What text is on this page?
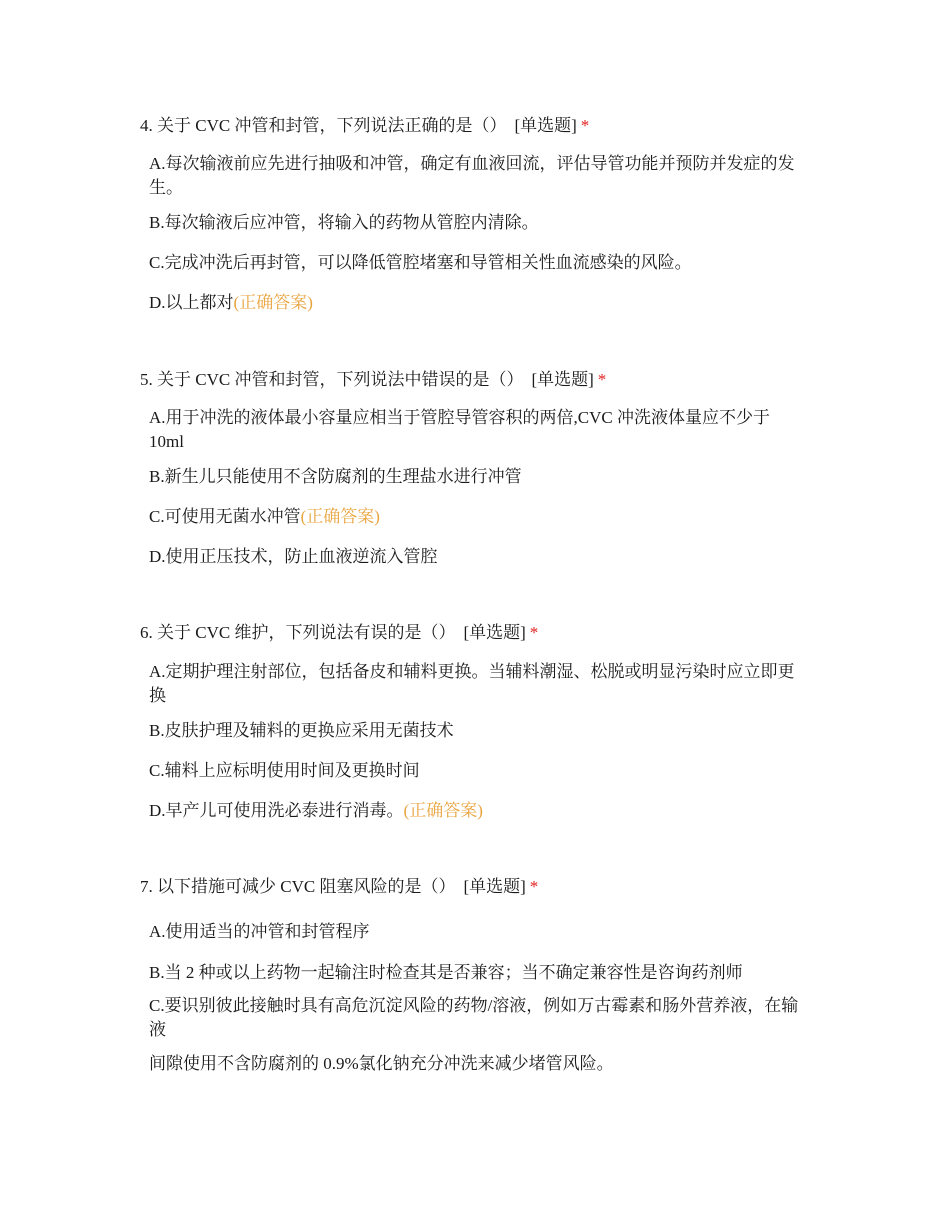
4. 关于 CVC 冲管和封管，下列说法正确的是（） [单选题] *

A.每次输液前应先进行抽吸和冲管，确定有血液回流，评估导管功能并预防并发症的发生。
B.每次输液后应冲管，将输入的药物从管腔内清除。
C.完成冲洗后再封管，可以降低管腔堵塞和导管相关性血流感染的风险。
D.以上都对(正确答案)

5. 关于 CVC 冲管和封管，下列说法中错误的是（） [单选题] *

A.用于冲洗的液体最小容量应相当于管腔导管容积的两倍,CVC 冲洗液体量应不少于 10ml
B.新生儿只能使用不含防腐剂的生理盐水进行冲管
C.可使用无菌水冲管(正确答案)
D.使用正压技术，防止血液逆流入管腔

6. 关于 CVC 维护，下列说法有误的是（） [单选题] *

A.定期护理注射部位，包括备皮和辅料更换。当辅料潮湿、松脱或明显污染时应立即更换
B.皮肤护理及辅料的更换应采用无菌技术
C.辅料上应标明使用时间及更换时间
D.早产儿可使用洗必泰进行消毒。(正确答案)

7. 以下措施可减少 CVC 阻塞风险的是（） [单选题] *

A.使用适当的冲管和封管程序
B.当 2 种或以上药物一起输注时检查其是否兼容；当不确定兼容性是咨询药剂师
C.要识别彼此接触时具有高危沉淀风险的药物/溶液，例如万古霉素和肠外营养液，在输液
间隙使用不含防腐剂的 0.9%氯化钠充分冲洗来减少堵管风险。
